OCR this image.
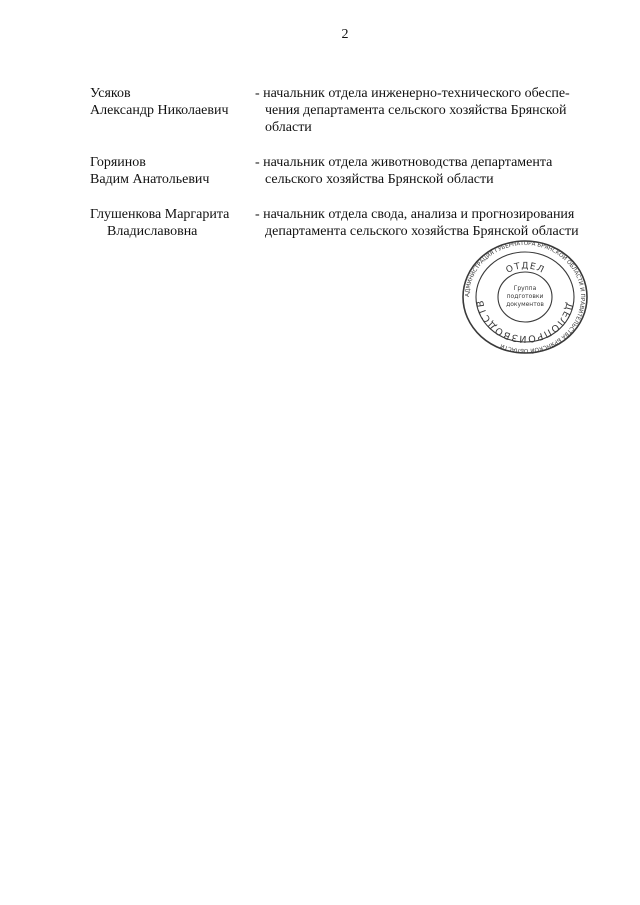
2
Усяков
Александр Николаевич
- начальник отдела инженерно-технического обеспе-
чения департамента сельского хозяйства Брянской
области
Горяинов
Вадим Анатольевич
- начальник отдела животноводства департамента
сельского хозяйства Брянской области
Глушенкова Маргарита
Владиславовна
- начальник отдела свода, анализа и прогнозирования
департамента сельского хозяйства Брянской области
АДМИНИСТРАЦИЯ ГУБЕРНАТОРА БРЯНСКОЙ ОБЛАСТИ И ПРАВИТЕЛЬСТВА БРЯНСКОЙ ОБЛАСТИ
ОТДЕЛ
ДЕЛОПРОИЗВОДСТВ
Группа
подготовки
документов
